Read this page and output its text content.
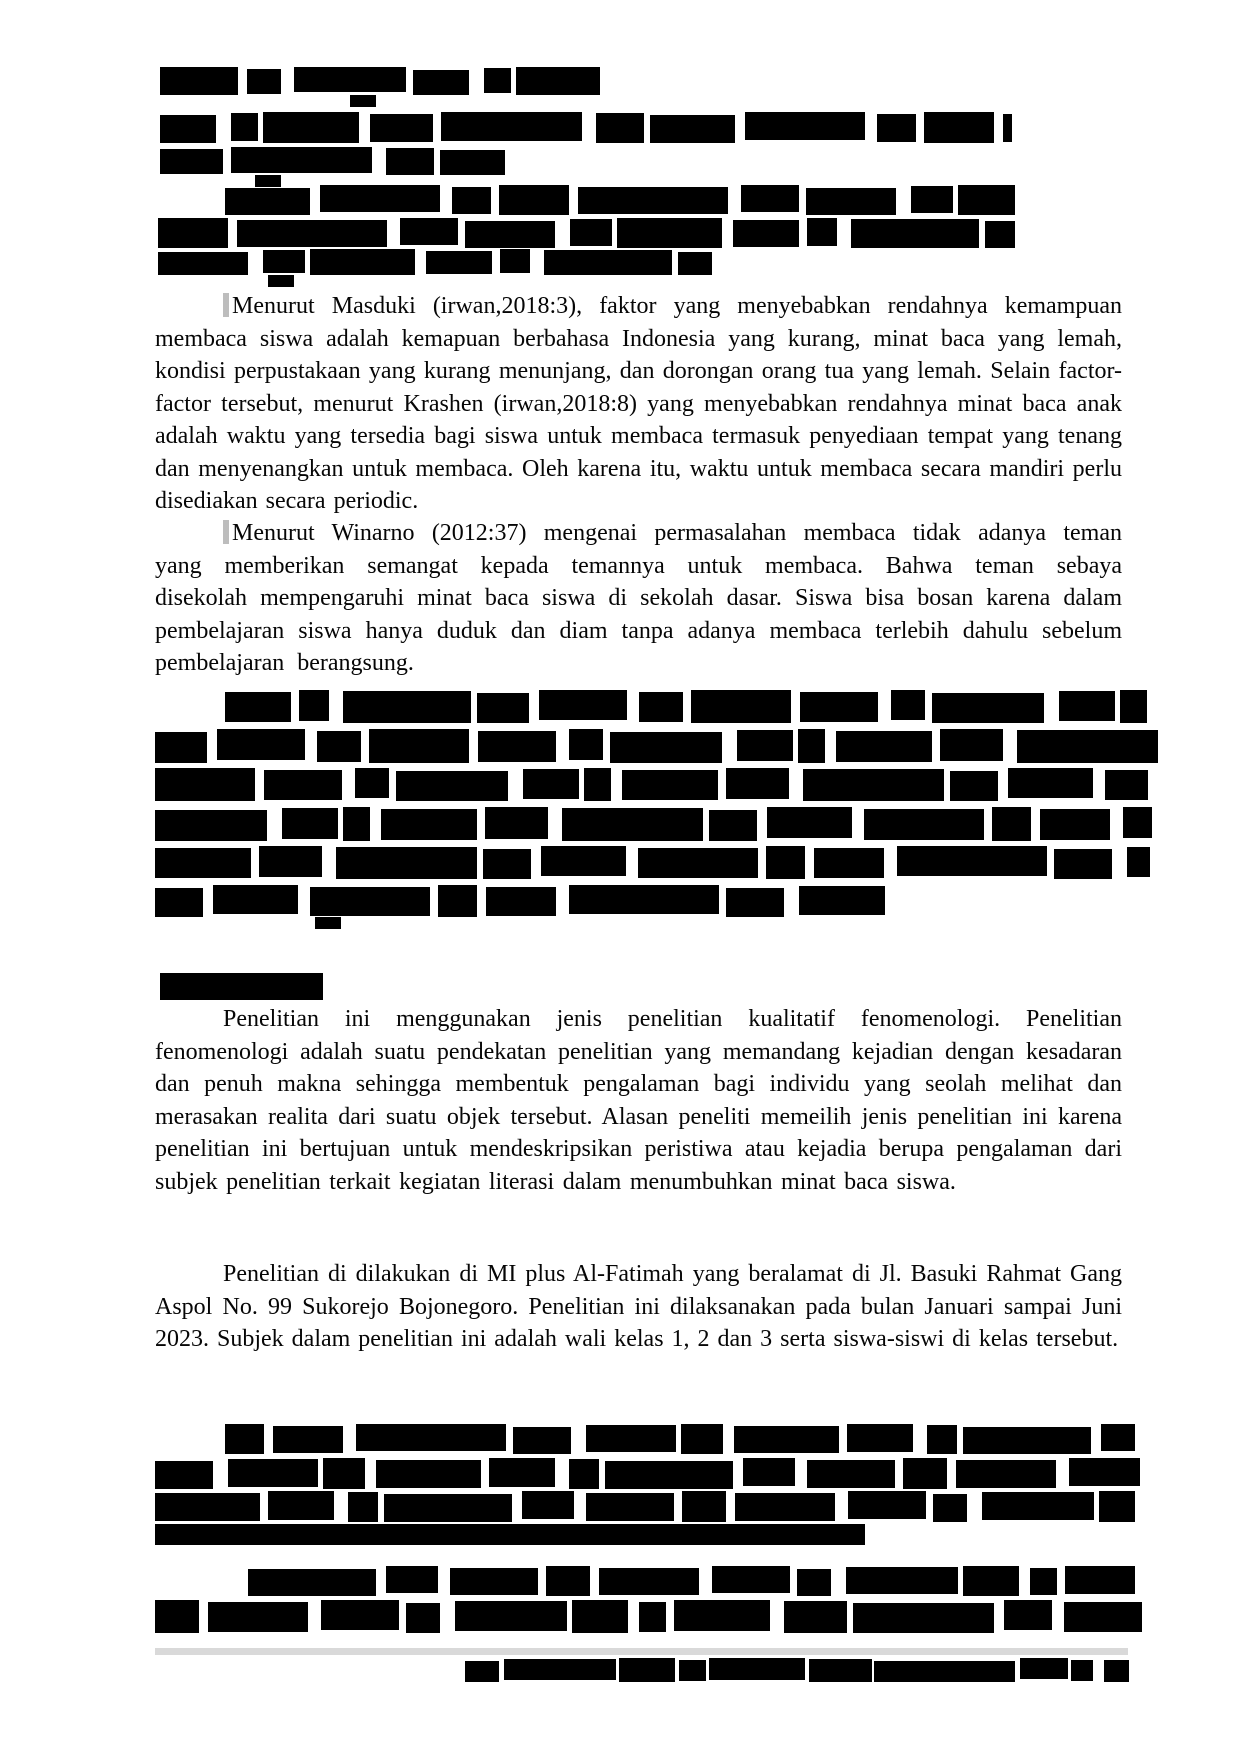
Menurut Masduki (irwan,2018:3), faktor yang menyebabkan rendahnya kemampuan membaca siswa adalah kemapuan berbahasa Indonesia yang kurang, minat baca yang lemah, kondisi perpustakaan yang kurang menunjang, dan dorongan orang tua yang lemah. Selain factor-factor tersebut, menurut Krashen (irwan,2018:8) yang menyebabkan rendahnya minat baca anak adalah waktu yang tersedia bagi siswa untuk membaca termasuk penyediaan tempat yang tenang dan menyenangkan untuk membaca. Oleh karena itu, waktu untuk membaca secara mandiri perlu disediakan secara periodic.

Menurut Winarno (2012:37) mengenai permasalahan membaca tidak adanya teman yang memberikan semangat kepada temannya untuk membaca. Bahwa teman sebaya disekolah mempengaruhi minat baca siswa di sekolah dasar. Siswa bisa bosan karena dalam pembelajaran siswa hanya duduk dan diam tanpa adanya membaca terlebih dahulu sebelum pembelajaran berangsung.

Penelitian ini menggunakan jenis penelitian kualitatif fenomenologi. Penelitian fenomenologi adalah suatu pendekatan penelitian yang memandang kejadian dengan kesadaran dan penuh makna sehingga membentuk pengalaman bagi individu yang seolah melihat dan merasakan realita dari suatu objek tersebut. Alasan peneliti memeilih jenis penelitian ini karena penelitian ini bertujuan untuk mendeskripsikan peristiwa atau kejadia berupa pengalaman dari subjek penelitian terkait kegiatan literasi dalam menumbuhkan minat baca siswa.

Penelitian di dilakukan di MI plus Al-Fatimah yang beralamat di Jl. Basuki Rahmat Gang Aspol No. 99 Sukorejo Bojonegoro. Penelitian ini dilaksanakan pada bulan Januari sampai Juni 2023. Subjek dalam penelitian ini adalah wali kelas 1, 2 dan 3 serta siswa-siswi di kelas tersebut.
